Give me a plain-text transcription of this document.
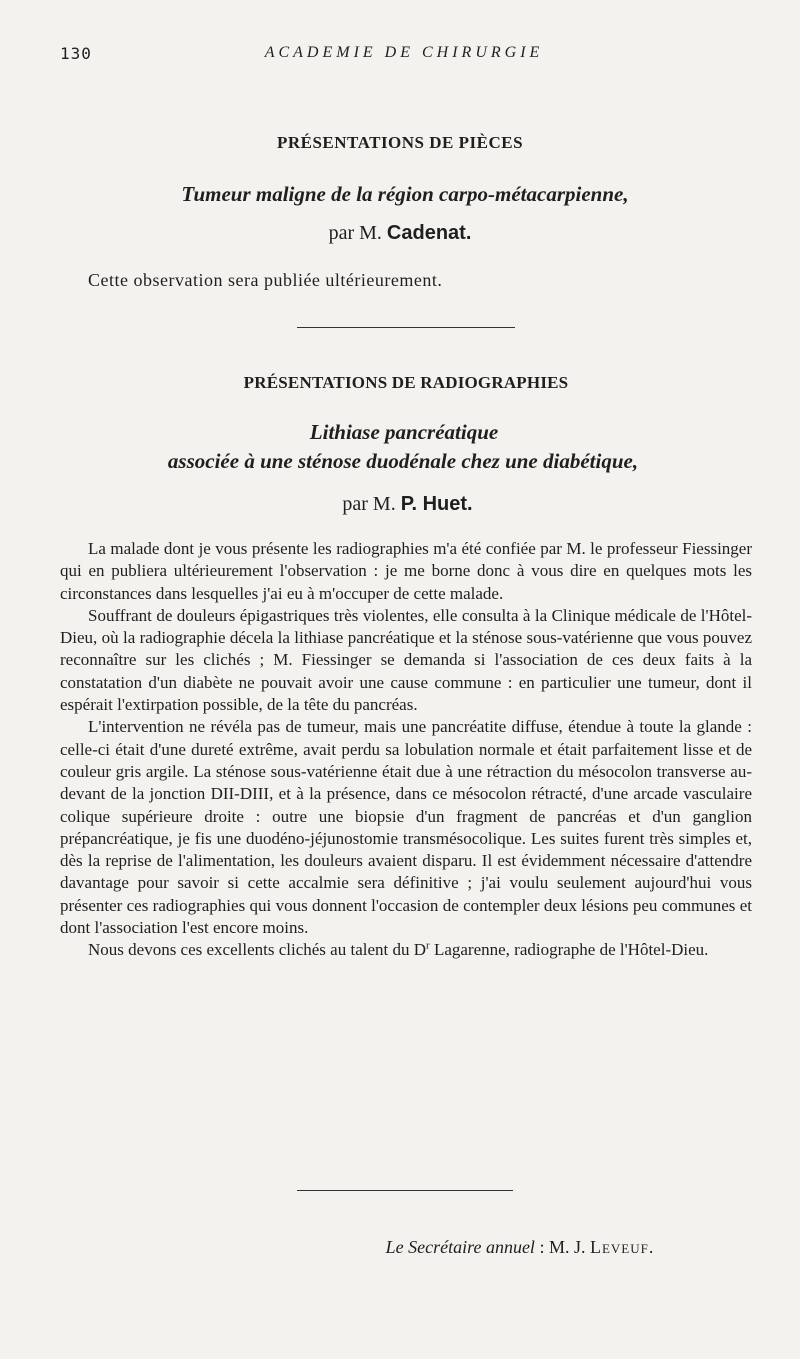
130	ACADEMIE DE CHIRURGIE
PRÉSENTATIONS DE PIÈCES
Tumeur maligne de la région carpo-métacarpienne,
par M. Cadenat.
Cette observation sera publiée ultérieurement.
PRÉSENTATIONS DE RADIOGRAPHIES
Lithiase pancréatique
associée à une sténose duodénale chez une diabétique,
par M. P. Huet.

La malade dont je vous présente les radiographies m'a été confiée par M. le professeur Fiessinger qui en publiera ultérieurement l'observation : je me borne donc à vous dire en quelques mots les circonstances dans lesquelles j'ai eu à m'occuper de cette malade.

Souffrant de douleurs épigastriques très violentes, elle consulta à la Clinique médicale de l'Hôtel-Dieu, où la radiographie décela la lithiase pancréatique et la sténose sous-vatérienne que vous pouvez reconnaître sur les clichés ; M. Fiessinger se demanda si l'association de ces deux faits à la constatation d'un diabète ne pouvait avoir une cause commune : en particulier une tumeur, dont il espérait l'extirpation possible, de la tête du pancréas.

L'intervention ne révéla pas de tumeur, mais une pancréatite diffuse, étendue à toute la glande : celle-ci était d'une dureté extrême, avait perdu sa lobulation normale et était parfaitement lisse et de couleur gris argile. La sténose sous-vatérienne était due à une rétraction du mésocolon transverse au-devant de la jonction DII-DIII, et à la présence, dans ce mésocolon rétracté, d'une arcade vasculaire colique supérieure droite : outre une biopsie d'un fragment de pancréas et d'un ganglion prépancréatique, je fis une duodéno-jéjunostomie transmésocolique. Les suites furent très simples et, dès la reprise de l'alimentation, les douleurs avaient disparu. Il est évidemment nécessaire d'attendre davantage pour savoir si cette accalmie sera définitive ; j'ai voulu seulement aujourd'hui vous présenter ces radiographies qui vous donnent l'occasion de contempler deux lésions peu communes et dont l'association l'est encore moins.

Nous devons ces excellents clichés au talent du $D^r$ Lagarenne, radiographe de l'Hôtel-Dieu.

Le Secrétaire annuel : M. J. Leveuf.
